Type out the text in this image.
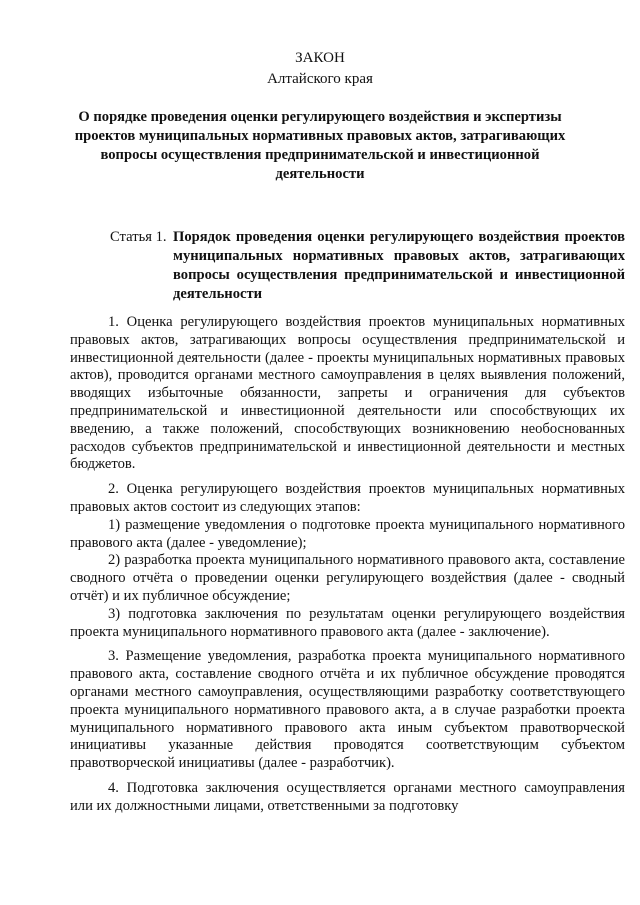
ЗАКОН
Алтайского края
О порядке проведения оценки регулирующего воздействия и экспертизы проектов муниципальных нормативных правовых актов, затрагивающих вопросы осуществления предпринимательской и инвестиционной деятельности
Статья 1. Порядок проведения оценки регулирующего воздействия проектов муниципальных нормативных правовых актов, затрагивающих вопросы осуществления предпринимательской и инвестиционной деятельности

1. Оценка регулирующего воздействия проектов муниципальных нормативных правовых актов, затрагивающих вопросы осуществления предпринимательской и инвестиционной деятельности (далее - проекты муниципальных нормативных правовых актов), проводится органами местного самоуправления в целях выявления положений, вводящих избыточные обязанности, запреты и ограничения для субъектов предпринимательской и инвестиционной деятельности или способствующих их введению, а также положений, способствующих возникновению необоснованных расходов субъектов предпринимательской и инвестиционной деятельности и местных бюджетов.

2. Оценка регулирующего воздействия проектов муниципальных нормативных правовых актов состоит из следующих этапов:

1) размещение уведомления о подготовке проекта муниципального нормативного правового акта (далее - уведомление);

2) разработка проекта муниципального нормативного правового акта, составление сводного отчёта о проведении оценки регулирующего воздействия (далее - сводный отчёт) и их публичное обсуждение;

3) подготовка заключения по результатам оценки регулирующего воздействия проекта муниципального нормативного правового акта (далее - заключение).

3. Размещение уведомления, разработка проекта муниципального нормативного правового акта, составление сводного отчёта и их публичное обсуждение проводятся органами местного самоуправления, осуществляющими разработку соответствующего проекта муниципального нормативного правового акта, а в случае разработки проекта муниципального нормативного правового акта иным субъектом правотворческой инициативы указанные действия проводятся соответствующим субъектом правотворческой инициативы (далее - разработчик).

4. Подготовка заключения осуществляется органами местного самоуправления или их должностными лицами, ответственными за подготовку
